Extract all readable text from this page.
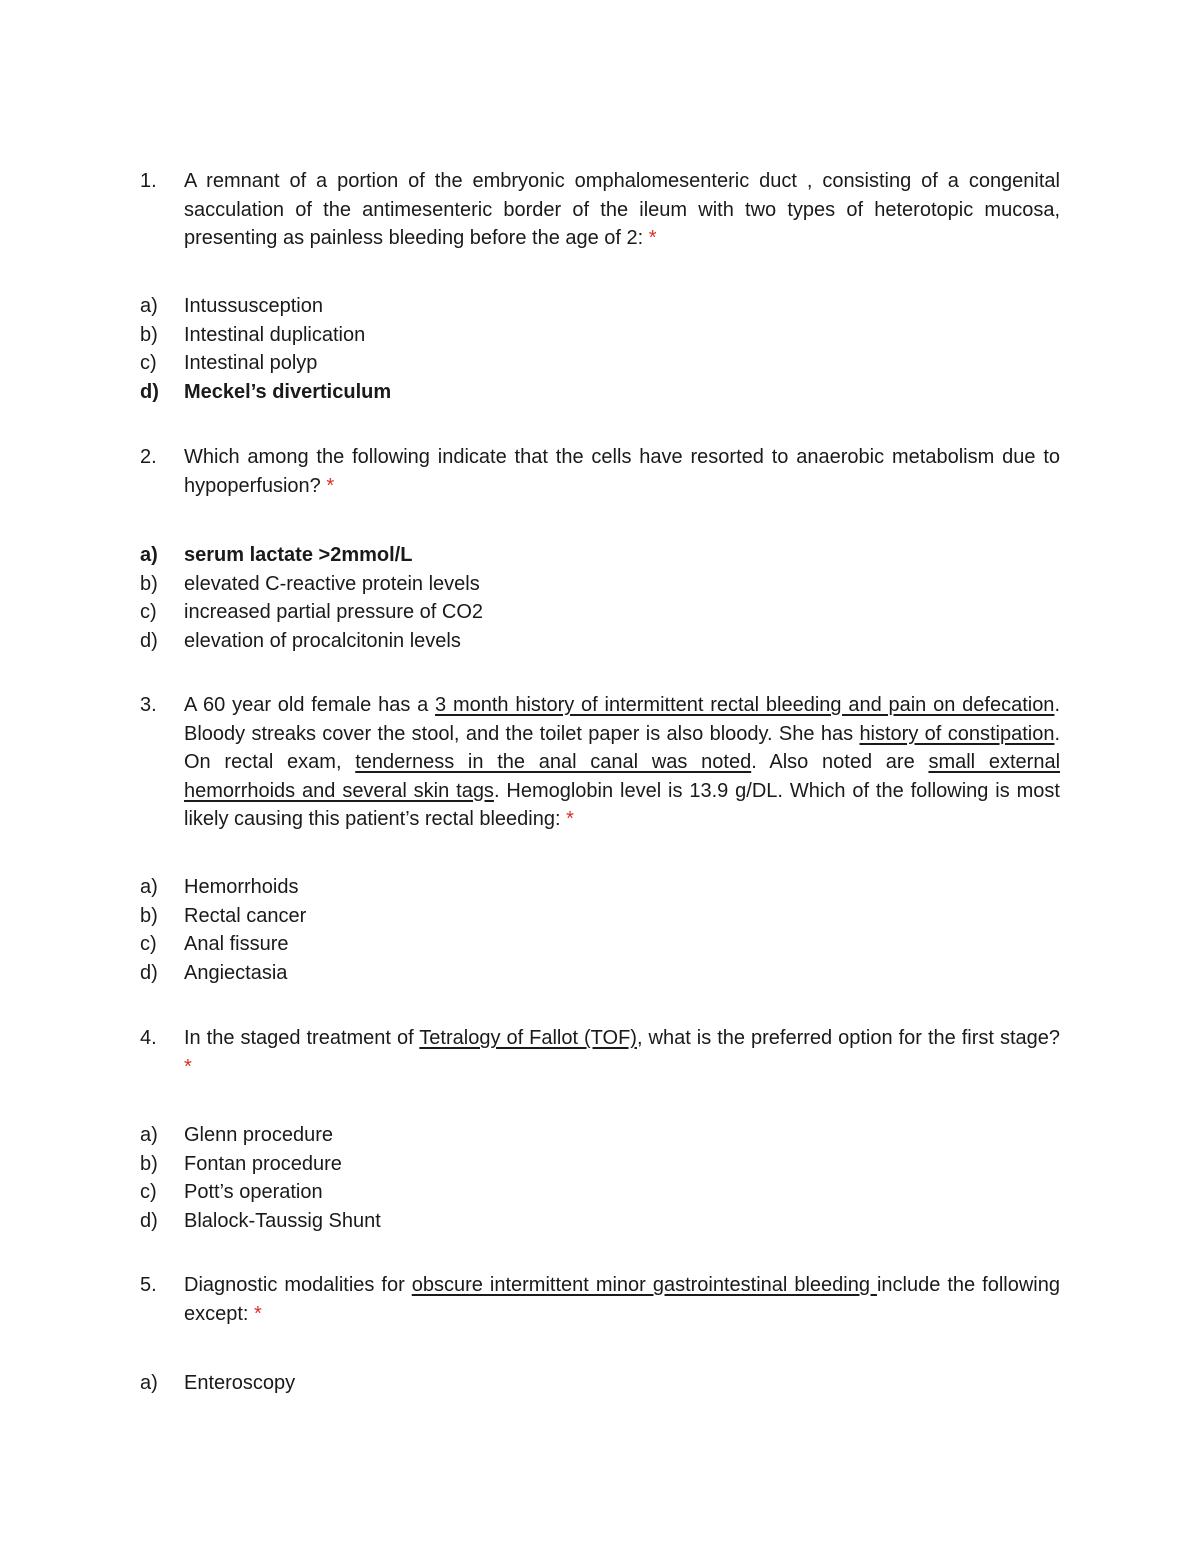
1. A remnant of a portion of the embryonic omphalomesenteric duct , consisting of a congenital sacculation of the antimesenteric border of the ileum with two types of heterotopic mucosa, presenting as painless bleeding before the age of 2: *
a) Intussusception
b) Intestinal duplication
c) Intestinal polyp
d) Meckel’s diverticulum
2. Which among the following indicate that the cells have resorted to anaerobic metabolism due to hypoperfusion? *
a) serum lactate >2mmol/L
b) elevated C-reactive protein levels
c) increased partial pressure of CO2
d) elevation of procalcitonin levels
3. A 60 year old female has a 3 month history of intermittent rectal bleeding and pain on defecation. Bloody streaks cover the stool, and the toilet paper is also bloody. She has history of constipation. On rectal exam, tenderness in the anal canal was noted. Also noted are small external hemorrhoids and several skin tags. Hemoglobin level is 13.9 g/DL. Which of the following is most likely causing this patient’s rectal bleeding: *
a) Hemorrhoids
b) Rectal cancer
c) Anal fissure
d) Angiectasia
4. In the staged treatment of Tetralogy of Fallot (TOF), what is the preferred option for the first stage? *
a) Glenn procedure
b) Fontan procedure
c) Pott’s operation
d) Blalock-Taussig Shunt
5. Diagnostic modalities for obscure intermittent minor gastrointestinal bleeding include the following except: *
a) Enteroscopy
